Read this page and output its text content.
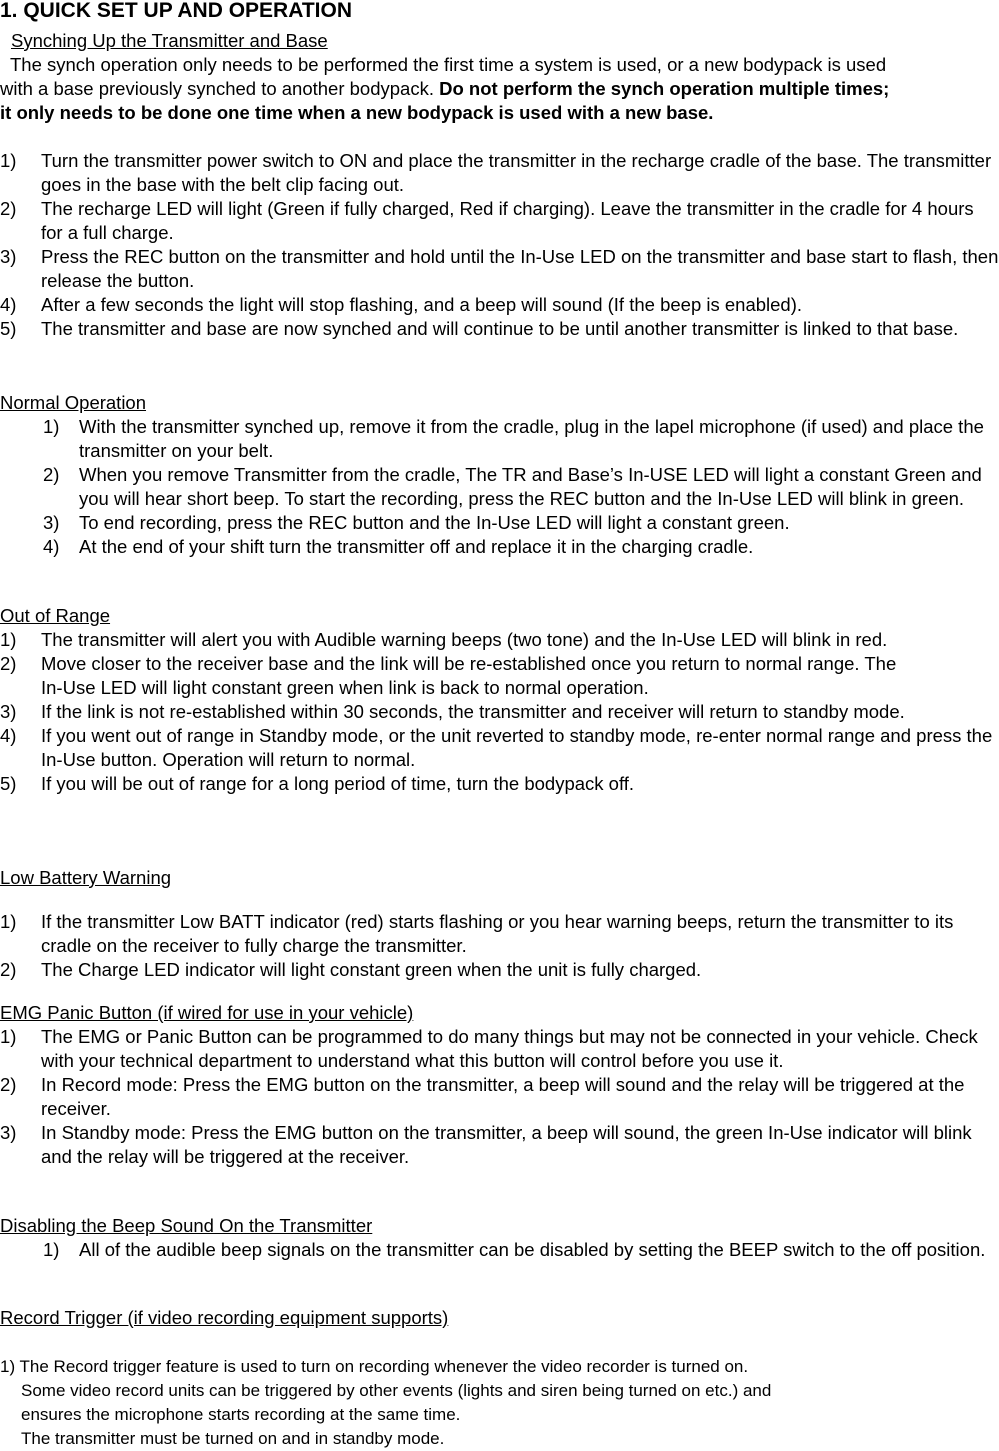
1. QUICK SET UP AND OPERATION
Synching Up the Transmitter and Base
The synch operation only needs to be performed the first time a system is used, or a new bodypack is used
with a base previously synched to another bodypack. Do not perform the synch operation multiple times;
it only needs to be done one time when a new bodypack is used with a new base.
1) Turn the transmitter power switch to ON and place the transmitter in the recharge cradle of the base. The transmitter goes in the base with the belt clip facing out.
2) The recharge LED will light (Green if fully charged, Red if charging). Leave the transmitter in the cradle for 4 hours for a full charge.
3) Press the REC button on the transmitter and hold until the In-Use LED on the transmitter and base start to flash, then release the button.
4) After a few seconds the light will stop flashing, and a beep will sound (If the beep is enabled).
5) The transmitter and base are now synched and will continue to be until another transmitter is linked to that base.
Normal Operation
1) With the transmitter synched up, remove it from the cradle, plug in the lapel microphone (if used) and place the transmitter on your belt.
2) When you remove Transmitter from the cradle, The TR and Base’s In-USE LED will light a constant Green and you will hear short beep. To start the recording, press the REC button and the In-Use LED will blink in green.
3) To end recording, press the REC button and the In-Use LED will light a constant green.
4) At the end of your shift turn the transmitter off and replace it in the charging cradle.
Out of Range
1) The transmitter will alert you with Audible warning beeps (two tone) and the In-Use LED will blink in red.
2) Move closer to the receiver base and the link will be re-established once you return to normal range. The In-Use LED will light constant green when link is back to normal operation.
3) If the link is not re-established within 30 seconds, the transmitter and receiver will return to standby mode.
4) If you went out of range in Standby mode, or the unit reverted to standby mode, re-enter normal range and press the In-Use button. Operation will return to normal.
5) If you will be out of range for a long period of time, turn the bodypack off.
Low Battery Warning
1) If the transmitter Low BATT indicator (red) starts flashing or you hear warning beeps, return the transmitter to its cradle on the receiver to fully charge the transmitter.
2) The Charge LED indicator will light constant green when the unit is fully charged.
EMG Panic Button (if wired for use in your vehicle)
1) The EMG or Panic Button can be programmed to do many things but may not be connected in your vehicle. Check with your technical department to understand what this button will control before you use it.
2) In Record mode: Press the EMG button on the transmitter, a beep will sound and the relay will be triggered at the receiver.
3) In Standby mode: Press the EMG button on the transmitter, a beep will sound, the green In-Use indicator will blink and the relay will be triggered at the receiver.
Disabling the Beep Sound On the Transmitter
1) All of the audible beep signals on the transmitter can be disabled by setting the BEEP switch to the off position.
Record Trigger (if video recording equipment supports)
1) The Record trigger feature is used to turn on recording whenever the video recorder is turned on.
Some video record units can be triggered by other events (lights and siren being turned on etc.) and
ensures the microphone starts recording at the same time.
The transmitter must be turned on and in standby mode.
